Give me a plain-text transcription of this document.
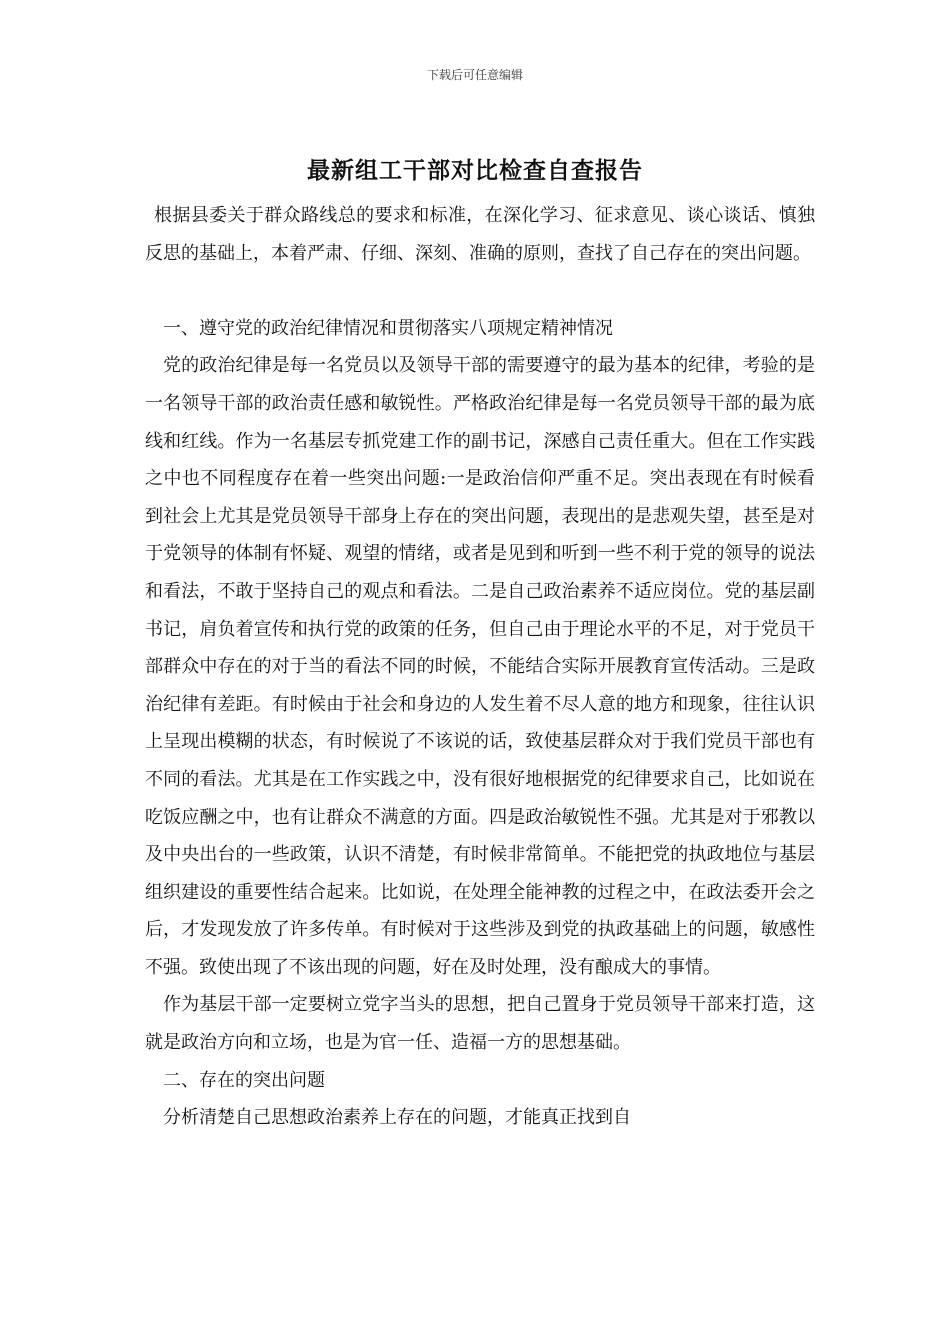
下载后可任意编辑
最新组工干部对比检查自查报告

根据县委关于群众路线总的要求和标准，在深化学习、征求意见、谈心谈话、慎独反思的基础上，本着严肃、仔细、深刻、准确的原则，查找了自己存在的突出问题。

一、遵守党的政治纪律情况和贯彻落实八项规定精神情况

党的政治纪律是每一名党员以及领导干部的需要遵守的最为基本的纪律，考验的是一名领导干部的政治责任感和敏锐性。严格政治纪律是每一名党员领导干部的最为底线和红线。作为一名基层专抓党建工作的副书记，深感自己责任重大。但在工作实践之中也不同程度存在着一些突出问题:一是政治信仰严重不足。突出表现在有时候看到社会上尤其是党员领导干部身上存在的突出问题，表现出的是悲观失望，甚至是对于党领导的体制有怀疑、观望的情绪，或者是见到和听到一些不利于党的领导的说法和看法，不敢于坚持自己的观点和看法。二是自己政治素养不适应岗位。党的基层副书记，肩负着宣传和执行党的政策的任务，但自己由于理论水平的不足，对于党员干部群众中存在的对于当的看法不同的时候，不能结合实际开展教育宣传活动。三是政治纪律有差距。有时候由于社会和身边的人发生着不尽人意的地方和现象，往往认识上呈现出模糊的状态，有时候说了不该说的话，致使基层群众对于我们党员干部也有不同的看法。尤其是在工作实践之中，没有很好地根据党的纪律要求自己，比如说在吃饭应酬之中，也有让群众不满意的方面。四是政治敏锐性不强。尤其是对于邪教以及中央出台的一些政策，认识不清楚，有时候非常简单。不能把党的执政地位与基层组织建设的重要性结合起来。比如说，在处理全能神教的过程之中，在政法委开会之后，才发现发放了许多传单。有时候对于这些涉及到党的执政基础上的问题，敏感性不强。致使出现了不该出现的问题，好在及时处理，没有酿成大的事情。

作为基层干部一定要树立党字当头的思想，把自己置身于党员领导干部来打造，这就是政治方向和立场，也是为官一任、造福一方的思想基础。

二、存在的突出问题

分析清楚自己思想政治素养上存在的问题，才能真正找到自
